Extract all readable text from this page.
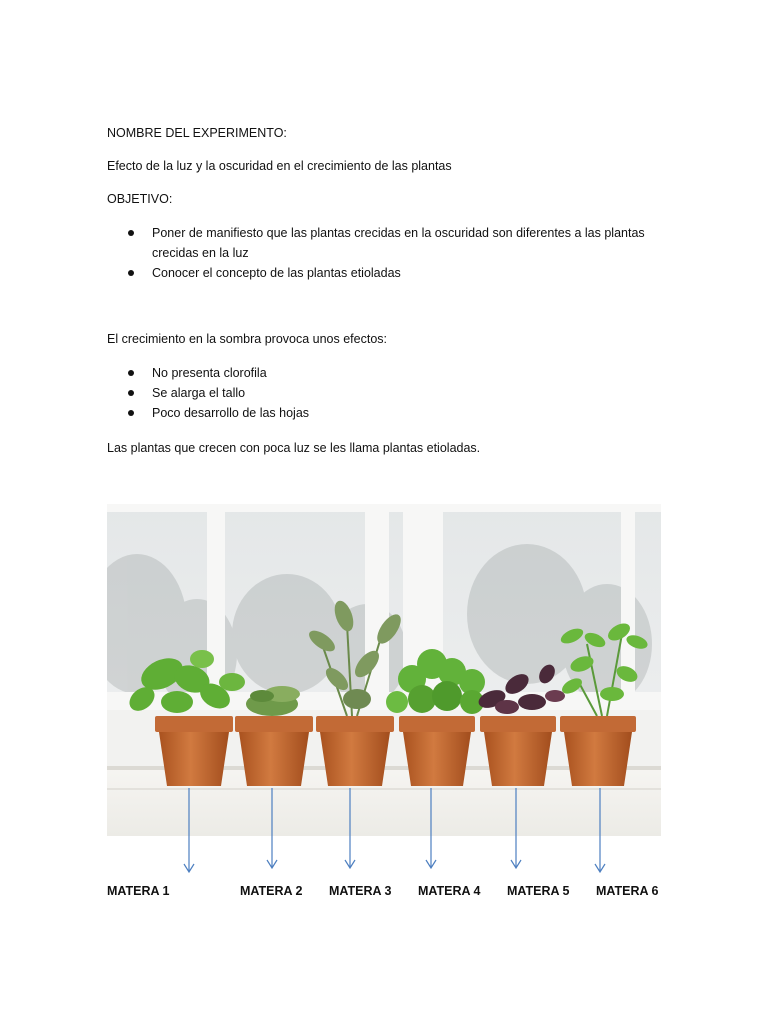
NOMBRE DEL EXPERIMENTO:
Efecto de la luz y la oscuridad en el crecimiento de las plantas
OBJETIVO:
Poner de manifiesto que las plantas crecidas en la oscuridad son diferentes a las plantas crecidas en la luz
Conocer el concepto de las plantas etioladas
El crecimiento en la sombra provoca unos efectos:
No presenta clorofila
Se alarga el tallo
Poco desarrollo de las hojas
Las plantas que crecen con poca luz se les llama plantas etioladas.
MATERA 1	MATERA 2 MATERA 3 MATERA 4 MATERA 5 MATERA 6
